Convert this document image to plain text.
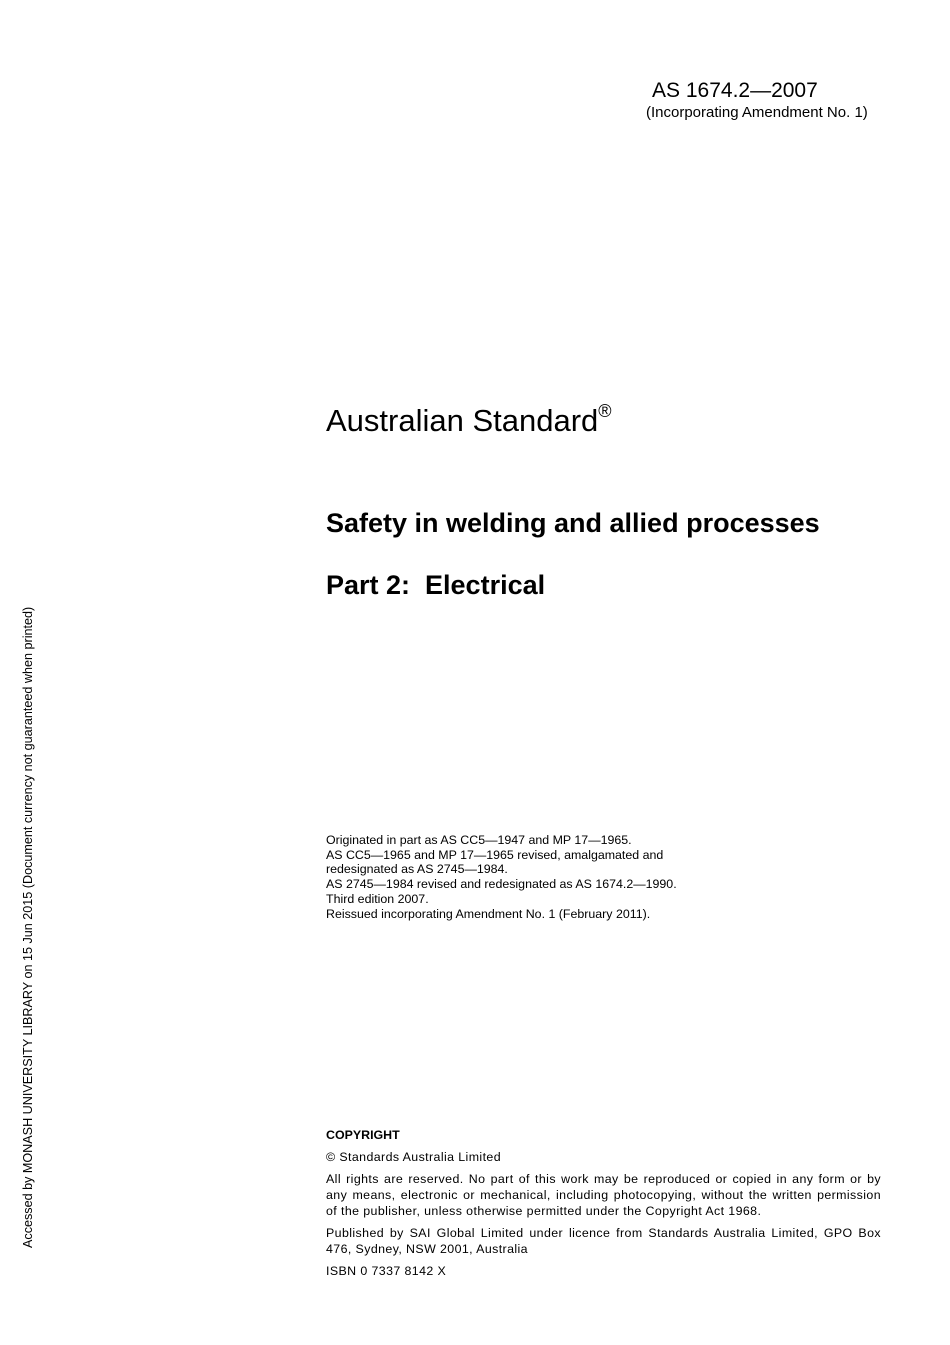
AS 1674.2—2007
(Incorporating Amendment No. 1)
Accessed by MONASH UNIVERSITY LIBRARY on 15 Jun 2015 (Document currency not guaranteed when printed)
Australian Standard®
Safety in welding and allied processes
Part 2:  Electrical
Originated in part as AS CC5—1947 and MP 17—1965.
AS CC5—1965 and MP 17—1965 revised, amalgamated and
redesignated as AS 2745—1984.
AS 2745—1984 revised and redesignated as AS 1674.2—1990.
Third edition 2007.
Reissued incorporating Amendment No. 1 (February 2011).

COPYRIGHT

© Standards Australia Limited

All rights are reserved. No part of this work may be reproduced or copied in any form or by any means, electronic or mechanical, including photocopying, without the written permission of the publisher, unless otherwise permitted under the Copyright Act 1968.

Published by SAI Global Limited under licence from Standards Australia Limited, GPO Box 476, Sydney, NSW 2001, Australia

ISBN 0 7337 8142 X
